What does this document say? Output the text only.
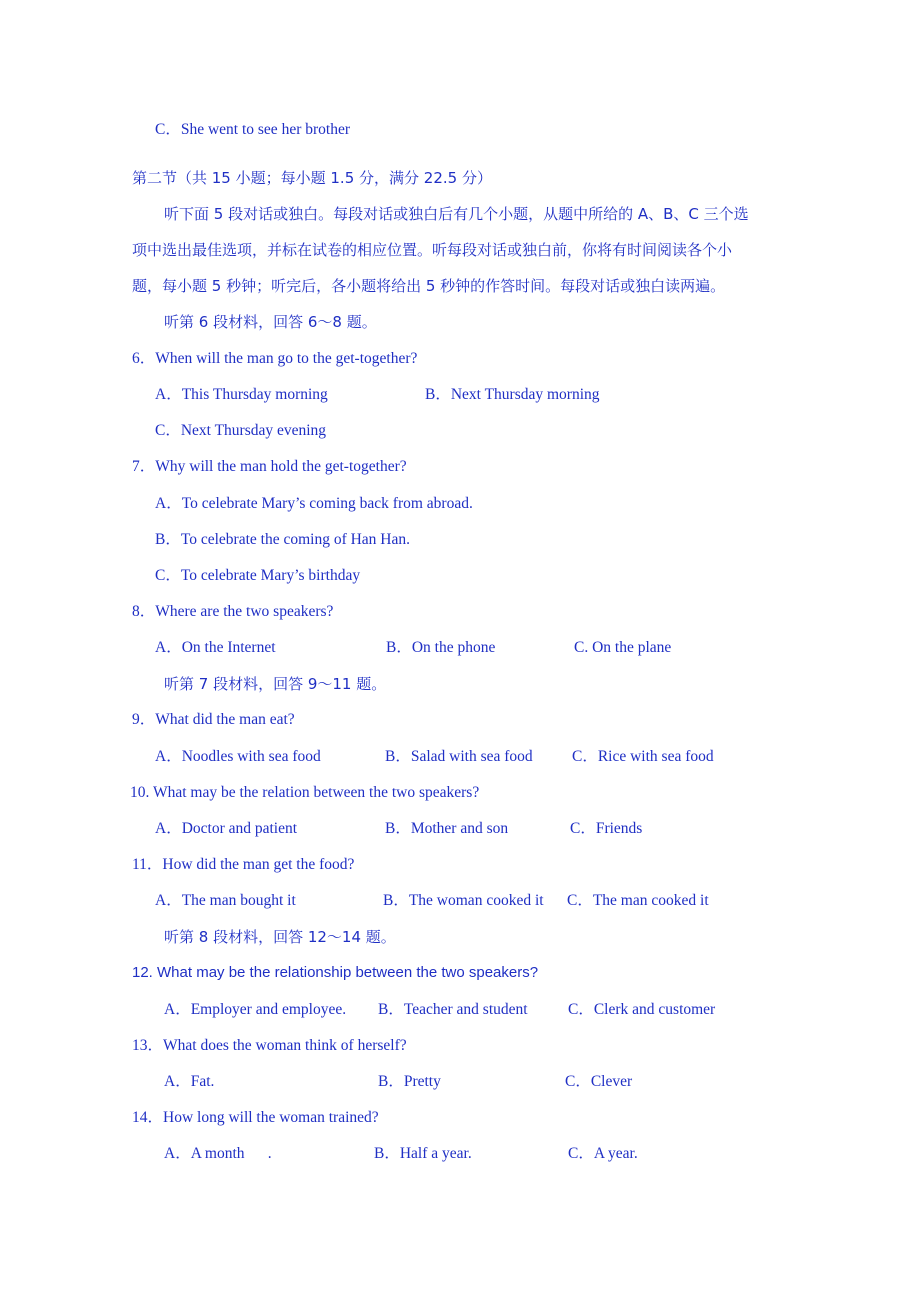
C．She went to see her brother
第二节（共 15 小题；每小题 1.5 分，满分 22.5 分）
听下面 5 段对话或独白。每段对话或独白后有几个小题，从题中所给的 A、B、C 三个选
项中选出最佳选项，并标在试卷的相应位置。听每段对话或独白前，你将有时间阅读各个小
题，每小题 5 秒钟；听完后，各小题将给出 5 秒钟的作答时间。每段对话或独白读两遍。
听第 6 段材料，回答 6～8 题。
6．When will the man go to the get-together?
A．This Thursday morning	B．Next Thursday morning
C．Next Thursday evening
7．Why will the man hold the get-together?
A．To celebrate Mary’s coming back from abroad.
B．To celebrate the coming of Han Han.
C．To celebrate Mary’s birthday
8．Where are the two speakers?
A．On the Internet	B．On the phone	C. On the plane
听第 7 段材料，回答 9～11 题。
9．What did the man eat?
A．Noodles with sea food	B．Salad with sea food	C．Rice with sea food
10. What may be the relation between the two speakers?
A．Doctor and patient	B．Mother and son	C．Friends
11．How did the man get the food?
A．The man bought it	B．The woman cooked it C．The man cooked it
听第 8 段材料，回答 12～14 题。
12. What may be the relationship between the two speakers?
A．Employer and employee. B．Teacher and student	C．Clerk and customer
13．What does the woman think of herself?
A．Fat.	B．Pretty	C．Clever
14．How long will the woman trained?
A．A month      .	B．Half a year.	C．A year.
